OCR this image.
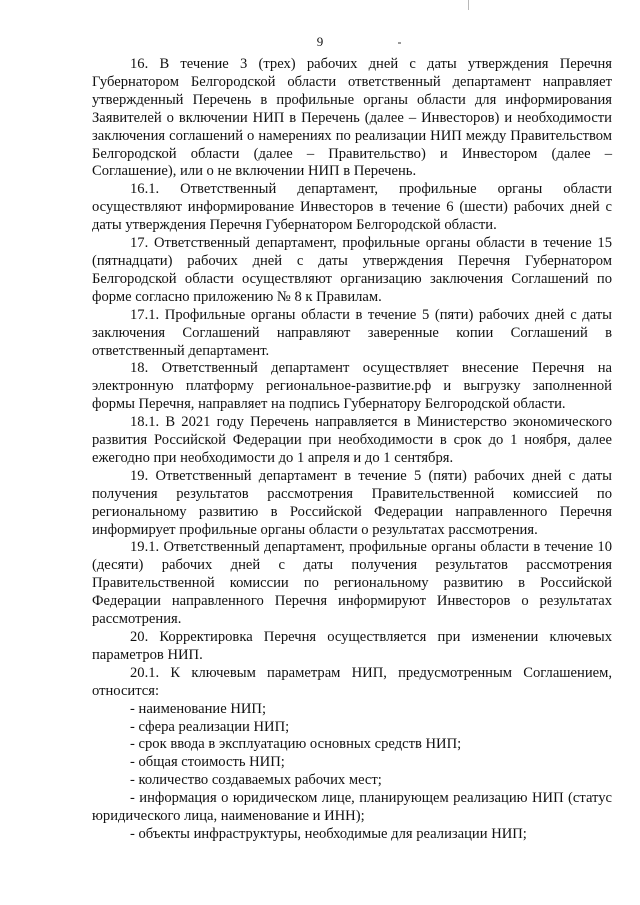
9

16. В течение 3 (трех) рабочих дней с даты утверждения Перечня Губернатором Белгородской области ответственный департамент направляет утвержденный Перечень в профильные органы области для информирования Заявителей о включении НИП в Перечень (далее – Инвесторов) и необходимости заключения соглашений о намерениях по реализации НИП между Правительством Белгородской области (далее – Правительство) и Инвестором (далее – Соглашение), или о не включении НИП в Перечень.

16.1. Ответственный департамент, профильные органы области осуществляют информирование Инвесторов в течение 6 (шести) рабочих дней с даты утверждения Перечня Губернатором Белгородской области.

17. Ответственный департамент, профильные органы области в течение 15 (пятнадцати) рабочих дней с даты утверждения Перечня Губернатором Белгородской области осуществляют организацию заключения Соглашений по форме согласно приложению № 8 к Правилам.

17.1. Профильные органы области в течение 5 (пяти) рабочих дней с даты заключения Соглашений направляют заверенные копии Соглашений в ответственный департамент.

18. Ответственный департамент осуществляет внесение Перечня на электронную платформу региональное-развитие.рф и выгрузку заполненной формы Перечня, направляет на подпись Губернатору Белгородской области.

18.1. В 2021 году Перечень направляется в Министерство экономического развития Российской Федерации при необходимости в срок до 1 ноября, далее ежегодно при необходимости до 1 апреля и до 1 сентября.

19. Ответственный департамент в течение 5 (пяти) рабочих дней с даты получения результатов рассмотрения Правительственной комиссией по региональному развитию в Российской Федерации направленного Перечня информирует профильные органы области о результатах рассмотрения.

19.1. Ответственный департамент, профильные органы области в течение 10 (десяти) рабочих дней с даты получения результатов рассмотрения Правительственной комиссии по региональному развитию в Российской Федерации направленного Перечня информируют Инвесторов о результатах рассмотрения.

20. Корректировка Перечня осуществляется при изменении ключевых параметров НИП.

20.1. К ключевым параметрам НИП, предусмотренным Соглашением, относится:

- наименование НИП;

- сфера реализации НИП;

- срок ввода в эксплуатацию основных средств НИП;

- общая стоимость НИП;

- количество создаваемых рабочих мест;

- информация о юридическом лице, планирующем реализацию НИП (статус юридического лица, наименование и ИНН);

- объекты инфраструктуры, необходимые для реализации НИП;
